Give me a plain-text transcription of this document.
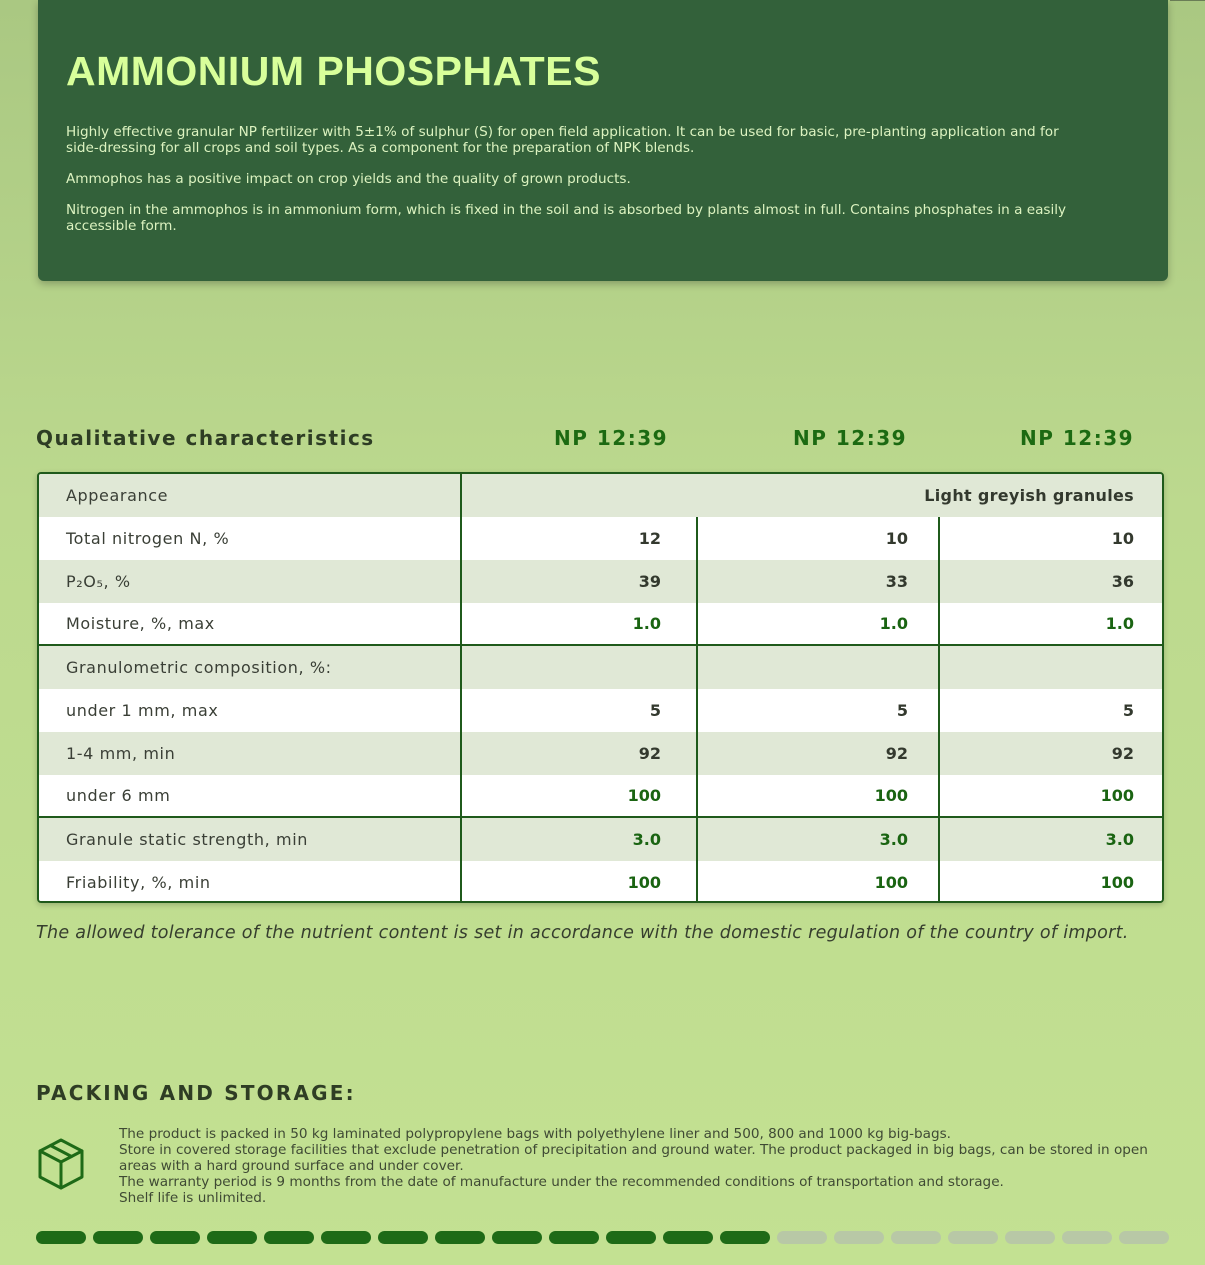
AMMONIUM PHOSPHATES

Highly effective granular NP fertilizer with 5±1% of sulphur (S) for open field application. It can be used for basic, pre-planting application and for side-dressing for all crops and soil types. As a component for the preparation of NPK blends.

Ammophos has a positive impact on crop yields and the quality of grown products.

Nitrogen in the ammophos is in ammonium form, which is fixed in the soil and is absorbed by plants almost in full. Contains phosphates in a easily accessible form.

Qualitative characteristics	NP 12:39	NP 12:39	NP 12:39
Appearance	Light greyish granules
Total nitrogen N, %	12	10	10
P₂O₅, %	39	33	36
Moisture, %, max	1.0	1.0	1.0
Granulometric composition, %:
under 1 mm, max	5	5	5
1-4 mm, min	92	92	92
under 6 mm	100	100	100
Granule static strength, min	3.0	3.0	3.0
Friability, %, min	100	100	100
The allowed tolerance of the nutrient content is set in accordance with the domestic regulation of the country of import.
PACKING AND STORAGE:
The product is packed in 50 kg laminated polypropylene bags with polyethylene liner and 500, 800 and 1000 kg big-bags.
Store in covered storage facilities that exclude penetration of precipitation and ground water. The product packaged in big bags, can be stored in open areas with a hard ground surface and under cover.
The warranty period is 9 months from the date of manufacture under the recommended conditions of transportation and storage.
Shelf life is unlimited.
